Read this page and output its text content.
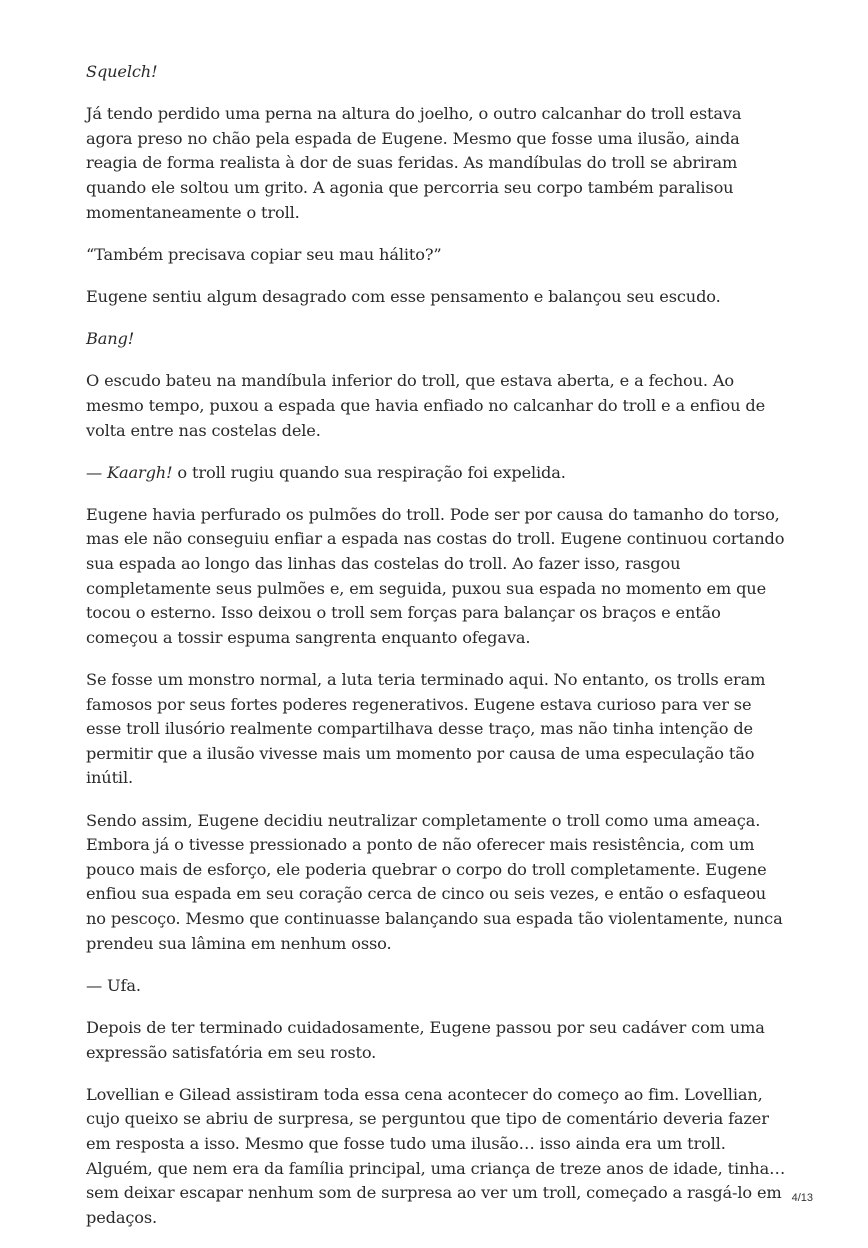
Squelch!

Já tendo perdido uma perna na altura do joelho, o outro calcanhar do troll estava agora preso no chão pela espada de Eugene. Mesmo que fosse uma ilusão, ainda reagia de forma realista à dor de suas feridas. As mandíbulas do troll se abriram quando ele soltou um grito. A agonia que percorria seu corpo também paralisou momentaneamente o troll.

“Também precisava copiar seu mau hálito?”

Eugene sentiu algum desagrado com esse pensamento e balançou seu escudo.

Bang!

O escudo bateu na mandíbula inferior do troll, que estava aberta, e a fechou. Ao mesmo tempo, puxou a espada que havia enfiado no calcanhar do troll e a enfiou de volta entre nas costelas dele.

— Kaargh! o troll rugiu quando sua respiração foi expelida.

Eugene havia perfurado os pulmões do troll. Pode ser por causa do tamanho do torso, mas ele não conseguiu enfiar a espada nas costas do troll. Eugene continuou cortando sua espada ao longo das linhas das costelas do troll. Ao fazer isso, rasgou completamente seus pulmões e, em seguida, puxou sua espada no momento em que tocou o esterno. Isso deixou o troll sem forças para balançar os braços e então começou a tossir espuma sangrenta enquanto ofegava.

Se fosse um monstro normal, a luta teria terminado aqui. No entanto, os trolls eram famosos por seus fortes poderes regenerativos. Eugene estava curioso para ver se esse troll ilusório realmente compartilhava desse traço, mas não tinha intenção de permitir que a ilusão vivesse mais um momento por causa de uma especulação tão inútil.

Sendo assim, Eugene decidiu neutralizar completamente o troll como uma ameaça. Embora já o tivesse pressionado a ponto de não oferecer mais resistência, com um pouco mais de esforço, ele poderia quebrar o corpo do troll completamente. Eugene enfiou sua espada em seu coração cerca de cinco ou seis vezes, e então o esfaqueou no pescoço. Mesmo que continuasse balançando sua espada tão violentamente, nunca prendeu sua lâmina em nenhum osso.

— Ufa.

Depois de ter terminado cuidadosamente, Eugene passou por seu cadáver com uma expressão satisfatória em seu rosto.

Lovellian e Gilead assistiram toda essa cena acontecer do começo ao fim. Lovellian, cujo queixo se abriu de surpresa, se perguntou que tipo de comentário deveria fazer em resposta a isso. Mesmo que fosse tudo uma ilusão… isso ainda era um troll. Alguém, que nem era da família principal, uma criança de treze anos de idade, tinha… sem deixar escapar nenhum som de surpresa ao ver um troll, começado a rasgá-lo em pedaços.

4/13
